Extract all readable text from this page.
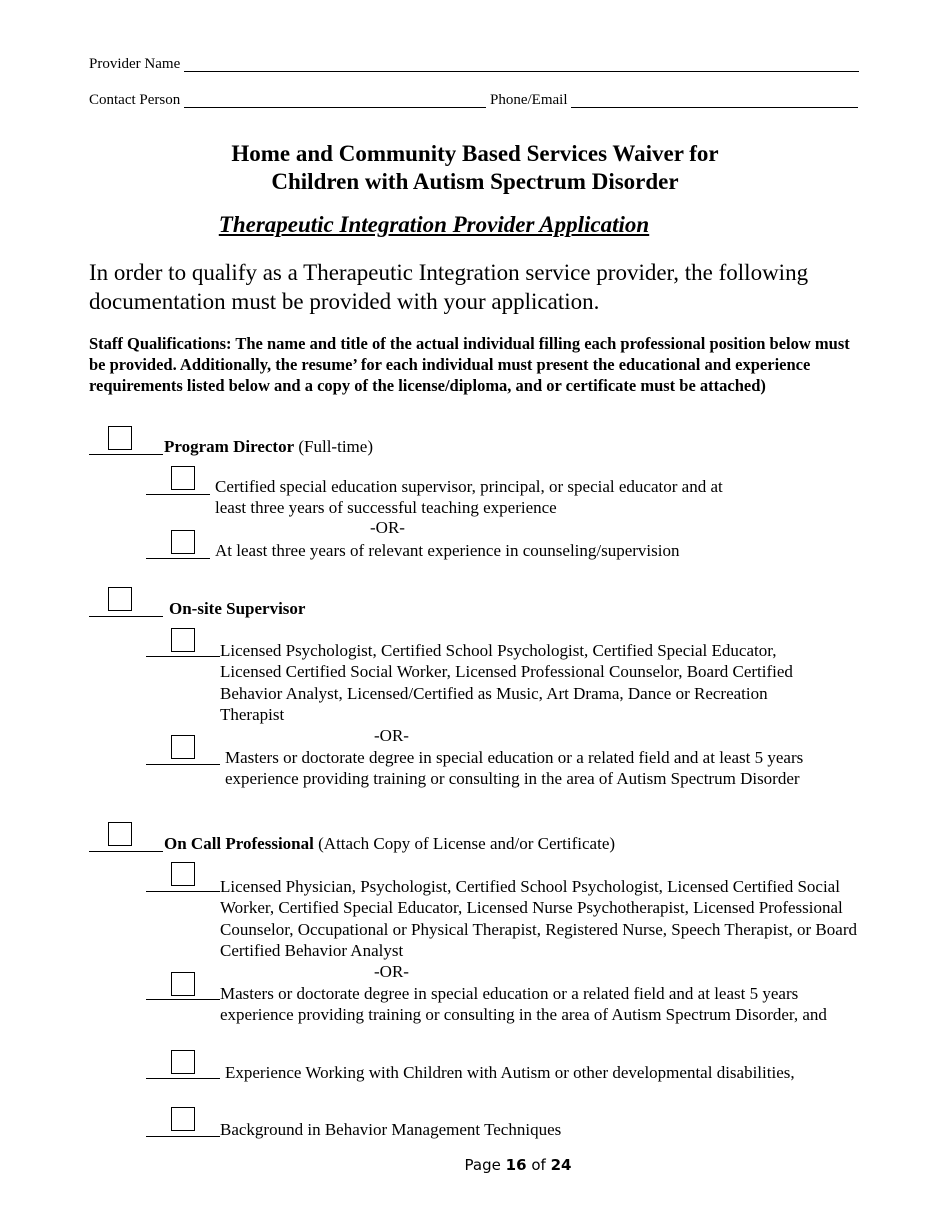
Provider Name
Contact Person	Phone/Email
Home and Community Based Services Waiver for
Children with Autism Spectrum Disorder
Therapeutic Integration Provider Application
In order to qualify as a Therapeutic Integration service provider, the following documentation must be provided with your application.
Staff Qualifications: The name and title of the actual individual filling each professional position below must be provided. Additionally, the resume’ for each individual must present the educational and experience requirements listed below and a copy of the license/diploma, and or certificate must be attached)
Program Director (Full-time)
Certified special education supervisor, principal, or special educator and at least three years of successful teaching experience
-OR-
At least three years of relevant experience in counseling/supervision
On-site Supervisor
Licensed Psychologist, Certified School Psychologist, Certified Special Educator, Licensed Certified Social Worker, Licensed Professional Counselor, Board Certified Behavior Analyst, Licensed/Certified as Music, Art Drama, Dance or Recreation Therapist
-OR-
Masters or doctorate degree in special education or a related field and at least 5 years experience providing training or consulting in the area of Autism Spectrum Disorder
On Call Professional (Attach Copy of License and/or Certificate)
Licensed Physician, Psychologist, Certified School Psychologist, Licensed Certified Social Worker, Certified Special Educator, Licensed Nurse Psychotherapist, Licensed Professional Counselor, Occupational or Physical Therapist, Registered Nurse, Speech Therapist, or Board Certified Behavior Analyst
-OR-
Masters or doctorate degree in special education or a related field and at least 5 years experience providing training or consulting in the area of Autism Spectrum Disorder, and
Experience Working with Children with Autism or other developmental disabilities,
Background in Behavior Management Techniques
Page 16 of 24
